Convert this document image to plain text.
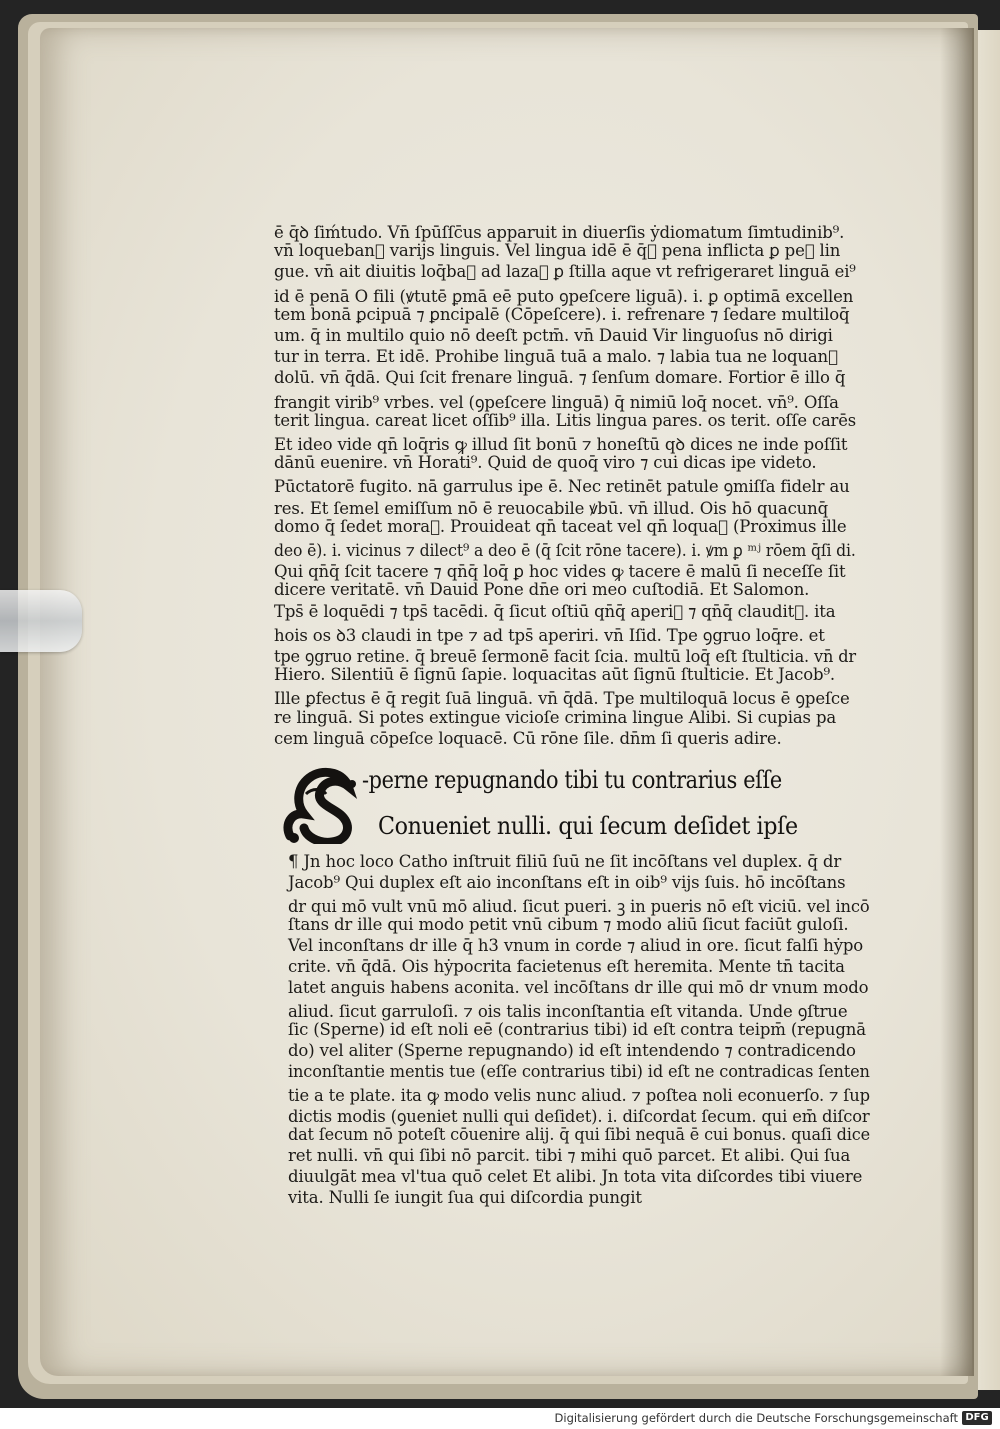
ē q̄ꝺ ſiḿtudo. Vn̄ ſpūſſc̄us apparuit in diuerſis ẏdiomatum ſimtudinib⁹.
vn̄ loquebanᷣ varijs linguis. Vel lingua idē ē q̄ꝺ pena inflicta ꝑ peꝯ lin
gue. vn̄ ait diuitis loq̄baᷣ ad lazaꝝ ꝑ ſtilla aque vt refrigeraret linguā ei⁹
id ē penā O fili (ꝟtutē ꝑmā eē puto ꝯpeſcere liguā). i. ꝑ optimā excellen
tem bonā ꝑcipuā ⁊ ꝑncipalē (Cōpeſcere). i. refrenare ⁊ ſedare multiloq̄
um. q̄ in multilo quio nō deeſt pctm̄. vn̄ Dauid Vir linguoſus nō dirigi
tur in terra. Et idē. Prohibe linguā tuā a malo. ⁊ labia tua ne loquanᷣ
dolū. vn̄ q̄dā. Qui ſcit frenare linguā. ⁊ ſenſum domare. Fortior ē illo q̄
frangit virib⁹ vrbes. vel (ꝯpeſcere linguā) q̄ nimiū loq̄ nocet. vn̄⁹. Oſſa
terit lingua. careat licet oſſib⁹ illa. Litis lingua pares. os terit. oſſe carēs
Et ideo vide qn̄ loq̄ris ꝙ illud ſit bonū ⁊ honeſtū qꝺ dices ne inde poſſit
dānū euenire. vn̄ Horati⁹. Quid de quoq̄ viro ⁊ cui dicas ipe videto.
Pūctatorē fugito. nā garrulus ipe ē. Nec retinēt patule ꝯmiſſa fidelr au
res. Et ſemel emiſſum nō ē reuocabile ꝟbū. vn̄ illud. Ois hō quacunq̄
domo q̄ ſedet moraᷣ. Prouideat qn̄ taceat vel qn̄ loquaᷣ (Proximus ille
deo ē). i. vicinus ⁊ dilect⁹ a deo ē (q̄ ſcit rōne tacere). i. ꝟm ꝑ ᵐʲ rōem q̄ſi di.
Qui qn̄q̄ ſcit tacere ⁊ qn̄q̄ loq̄ ꝑ hoc vides ꝙ tacere ē malū ſi neceſſe ſit
dicere veritatē. vn̄ Dauid Pone dn̄e ori meo cuſtodiā. Et Salomon.
Tps̄ ē loquēdi ⁊ tps̄ tacēdi. q̄ ſicut oſtiū qn̄q̄ aperiᷣ ⁊ qn̄q̄ clauditᷣ. ita
hois os ꝺ3 claudi in tpe ⁊ ad tps̄ aperiri. vn̄ Iſid. Tpe ꝯgruo loq̄re. et
tpe ꝯgruo retine. q̄ breuē ſermonē facit ſcia. multū loq̄ eſt ſtulticia. vn̄ dr
Hiero. Silentiū ē ſignū ſapie. loquacitas aūt ſignū ſtulticie. Et Jacob⁹.
Ille ꝑfectus ē q̄ regit ſuā linguā. vn̄ q̄dā. Tpe multiloquā locus ē ꝯpeſce
re linguā. Si potes extingue vicioſe crimina lingue Alibi. Si cupias pa
cem linguā cōpeſce loquacē. Cū rōne ſile. dn̄m ſi queris adire.
-perne repugnando tibi tu contrarius eſſe
Conueniet nulli. qui ſecum deſidet ipſe
¶ Jn hoc loco Catho inſtruit filiū ſuū ne ſit incōſtans vel duplex. q̄ dr
Jacob⁹ Qui duplex eſt aio inconſtans eſt in oib⁹ vijs ſuis. hō incōſtans
dr qui mō vult vnū mō aliud. ſicut pueri. ꝫ in pueris nō eſt viciū. vel incō
ſtans dr ille qui modo petit vnū cibum ⁊ modo aliū ſicut faciūt guloſi.
Vel inconſtans dr ille q̄ h3 vnum in corde ⁊ aliud in ore. ſicut falſi hẏpo
crite. vn̄ q̄dā. Ois hẏpocrita facietenus eſt heremita. Mente tn̄ tacita
latet anguis habens aconita. vel incōſtans dr ille qui mō dr vnum modo
aliud. ſicut garruloſi. ⁊ ois talis inconſtantia eſt vitanda. Unde ꝯſtrue
ſic (Sperne) id eſt noli eē (contrarius tibi) id eſt contra teipm̄ (repugnā
do) vel aliter (Sperne repugnando) id eſt intendendo ⁊ contradicendo
inconſtantie mentis tue (eſſe contrarius tibi) id eſt ne contradicas ſenten
tie a te plate. ita ꝙ modo velis nunc aliud. ⁊ poſtea noli econuerſo. ⁊ ſup
dictis modis (ꝯueniet nulli qui deſidet). i. diſcordat ſecum. qui em̄ diſcor
dat ſecum nō poteſt cōuenire alij. q̄ qui ſibi nequā ē cui bonus. quaſi dice
ret nulli. vn̄ qui ſibi nō parcit. tibi ⁊ mihi quō parcet. Et alibi. Qui ſua
diuulgāt mea vl'tua quō celet Et alibi. Jn tota vita diſcordes tibi viuere
vita. Nulli ſe iungit ſua qui diſcordia pungit
Digitalisierung gefördert durch die Deutsche Forschungsgemeinschaft DFG
